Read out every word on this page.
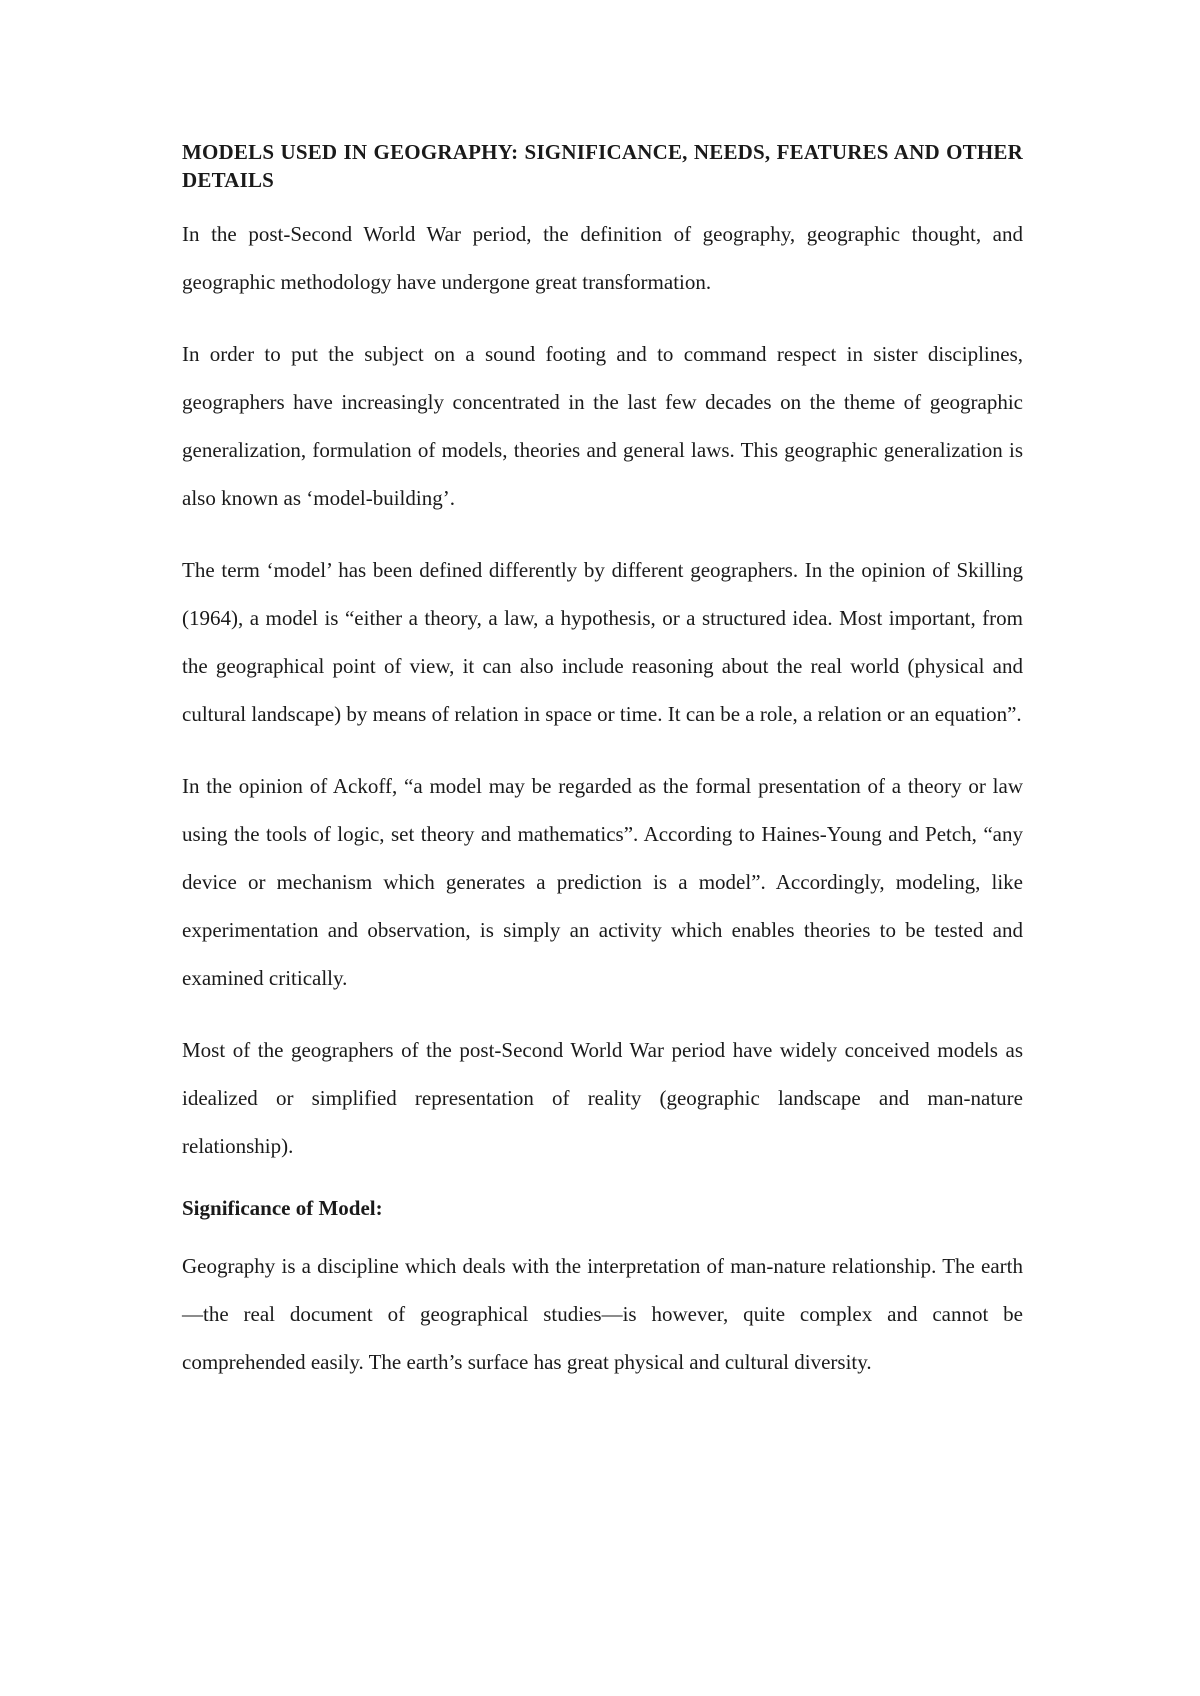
MODELS USED IN GEOGRAPHY: SIGNIFICANCE, NEEDS, FEATURES AND OTHER DETAILS

In the post-Second World War period, the definition of geography, geographic thought, and geographic methodology have undergone great transformation.

In order to put the subject on a sound footing and to command respect in sister disciplines, geographers have increasingly concentrated in the last few decades on the theme of geographic generalization, formulation of models, theories and general laws. This geographic generalization is also known as ‘model-building’.

The term ‘model’ has been defined differently by different geographers. In the opinion of Skilling (1964), a model is “either a theory, a law, a hypothesis, or a structured idea. Most important, from the geographical point of view, it can also include reasoning about the real world (physical and cultural landscape) by means of relation in space or time. It can be a role, a relation or an equation”.

In the opinion of Ackoff, “a model may be regarded as the formal presentation of a theory or law using the tools of logic, set theory and mathematics”. According to Haines-Young and Petch, “any device or mechanism which generates a prediction is a model”. Accordingly, modeling, like experimentation and observation, is simply an activity which enables theories to be tested and examined critically.

Most of the geographers of the post-Second World War period have widely conceived models as idealized or simplified representation of reality (geographic landscape and man-nature relationship).

Significance of Model:

Geography is a discipline which deals with the interpretation of man-nature relationship. The earth—the real document of geographical studies—is however, quite complex and cannot be comprehended easily. The earth’s surface has great physical and cultural diversity.
